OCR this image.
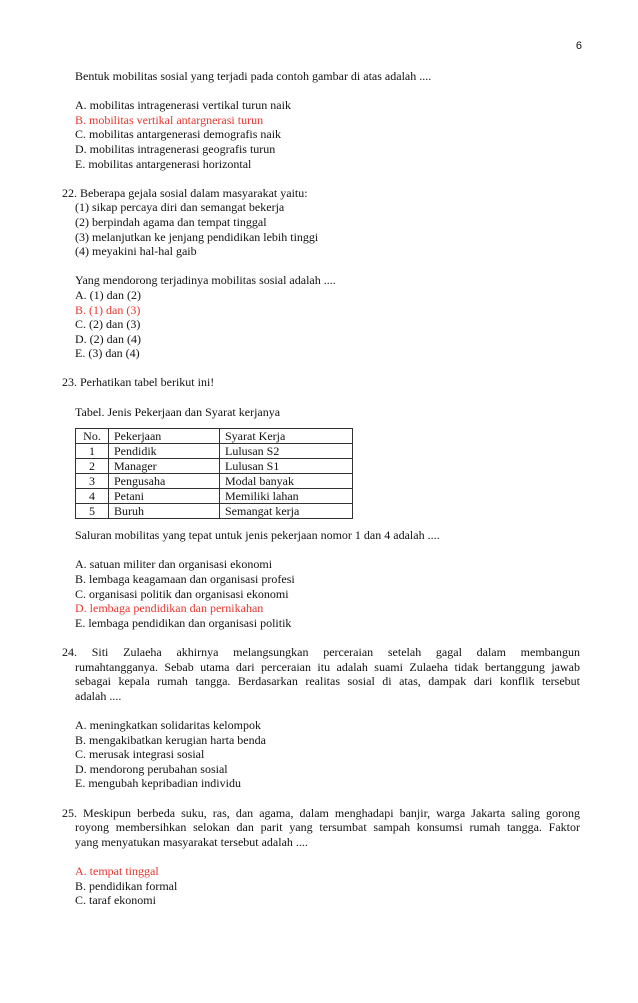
6
Bentuk mobilitas sosial yang terjadi pada contoh gambar di atas adalah ....
A. mobilitas intragenerasi vertikal turun naik
B. mobilitas vertikal antargnerasi turun
C. mobilitas antargenerasi demografis naik
D. mobilitas intragenerasi geografis turun
E. mobilitas antargenerasi horizontal
22. Beberapa gejala sosial dalam masyarakat yaitu:
(1) sikap percaya diri dan semangat bekerja
(2) berpindah agama dan tempat tinggal
(3) melanjutkan ke jenjang pendidikan lebih tinggi
(4) meyakini hal-hal gaib
Yang mendorong terjadinya mobilitas sosial adalah ....
A. (1) dan (2)
B. (1) dan (3)
C. (2) dan (3)
D. (2) dan (4)
E. (3) dan (4)
23. Perhatikan tabel berikut ini!
Tabel. Jenis Pekerjaan dan Syarat kerjanya
No.	Pekerjaan	Syarat Kerja
1	Pendidik	Lulusan S2
2	Manager	Lulusan S1
3	Pengusaha	Modal banyak
4	Petani	Memiliki lahan
5	Buruh	Semangat kerja
Saluran mobilitas yang tepat untuk jenis pekerjaan nomor 1 dan 4 adalah ....
A. satuan militer dan organisasi ekonomi
B. lembaga keagamaan dan organisasi profesi
C. organisasi politik dan organisasi ekonomi
D. lembaga pendidikan dan pernikahan
E. lembaga pendidikan dan organisasi politik
24.  Siti  Zulaeha  akhirnya  melangsungkan  perceraian  setelah  gagal  dalam  membangun
rumahtangganya. Sebab utama dari perceraian itu adalah suami Zulaeha tidak bertanggung jawab
sebagai kepala rumah tangga. Berdasarkan realitas sosial di atas, dampak dari konflik tersebut
adalah ....
A. meningkatkan solidaritas kelompok
B. mengakibatkan kerugian harta benda
C. merusak integrasi sosial
D. mendorong perubahan sosial
E. mengubah kepribadian individu
25. Meskipun berbeda suku, ras, dan agama, dalam menghadapi banjir, warga Jakarta saling gorong
royong membersihkan selokan dan parit yang tersumbat sampah konsumsi rumah tangga. Faktor
yang menyatukan masyarakat tersebut adalah ....
A. tempat tinggal
B. pendidikan formal
C. taraf ekonomi
